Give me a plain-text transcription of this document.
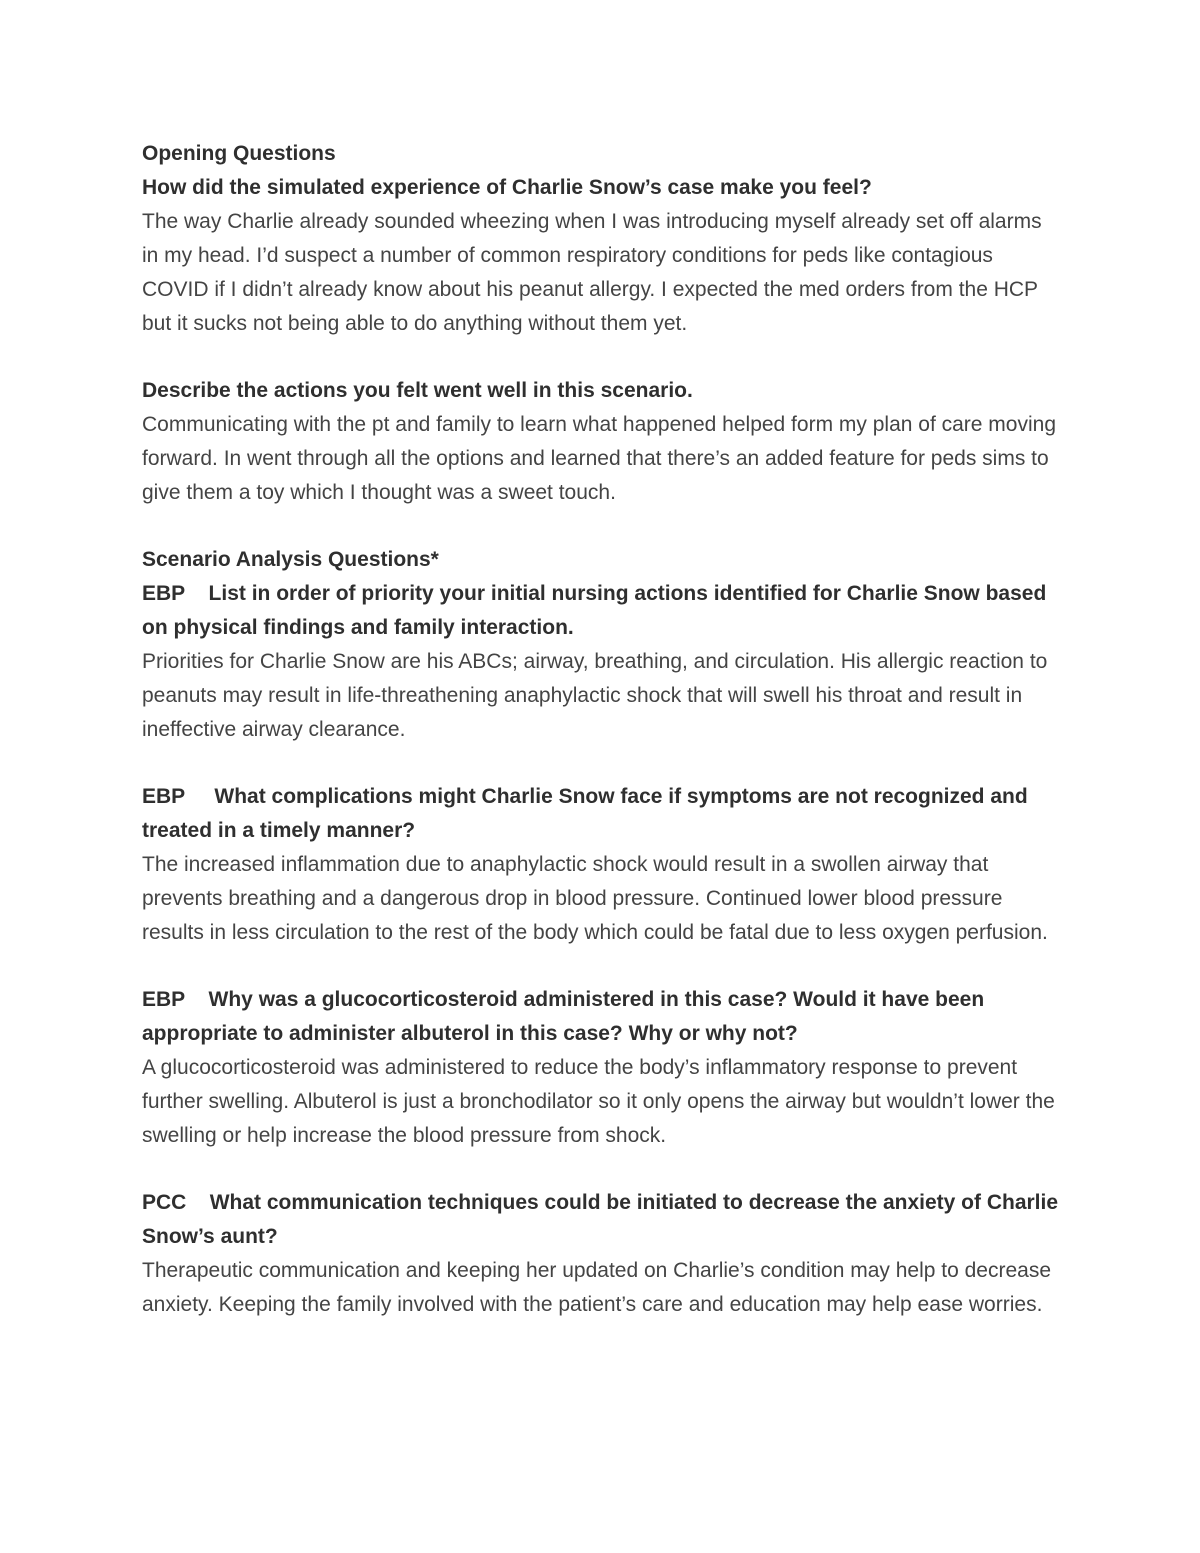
Opening Questions

How did the simulated experience of Charlie Snow’s case make you feel?

The way Charlie already sounded wheezing when I was introducing myself already set off alarms in my head. I’d suspect a number of common respiratory conditions for peds like contagious COVID if I didn’t already know about his peanut allergy. I expected the med orders from the HCP but it sucks not being able to do anything without them yet.

Describe the actions you felt went well in this scenario.

Communicating with the pt and family to learn what happened helped form my plan of care moving forward. In went through all the options and learned that there’s an added feature for peds sims to give them a toy which I thought was a sweet touch.

Scenario Analysis Questions*

EBP List in order of priority your initial nursing actions identified for Charlie Snow based on physical findings and family interaction.

Priorities for Charlie Snow are his ABCs; airway, breathing, and circulation. His allergic reaction to peanuts may result in life-threathening anaphylactic shock that will swell his throat and result in ineffective airway clearance.

EBP What complications might Charlie Snow face if symptoms are not recognized and treated in a timely manner?

The increased inflammation due to anaphylactic shock would result in a swollen airway that prevents breathing and a dangerous drop in blood pressure. Continued lower blood pressure results in less circulation to the rest of the body which could be fatal due to less oxygen perfusion.

EBP Why was a glucocorticosteroid administered in this case? Would it have been appropriate to administer albuterol in this case? Why or why not?

A glucocorticosteroid was administered to reduce the body’s inflammatory response to prevent further swelling. Albuterol is just a bronchodilator so it only opens the airway but wouldn’t lower the swelling or help increase the blood pressure from shock.

PCC What communication techniques could be initiated to decrease the anxiety of Charlie Snow’s aunt?

Therapeutic communication and keeping her updated on Charlie’s condition may help to decrease anxiety. Keeping the family involved with the patient’s care and education may help ease worries.
